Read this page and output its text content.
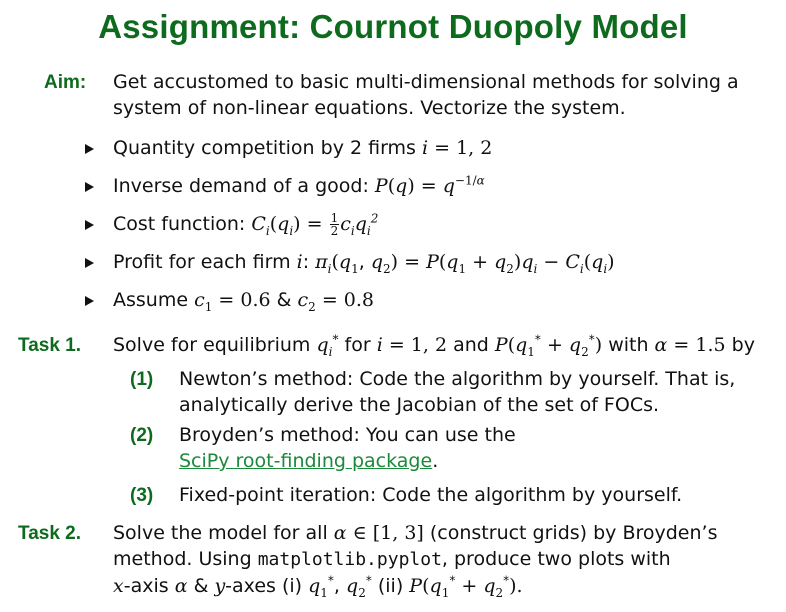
Assignment: Cournot Duopoly Model
Aim: Get accustomed to basic multi-dimensional methods for solving a
system of non-linear equations. Vectorize the system.
Quantity competition by 2 firms i = 1, 2
Inverse demand of a good: $P(q) = q^{-1/\alpha}$
Cost function: $C_i(q_i) = \frac{1}{2} c_iq_i^2$
Profit for each firm i: $\pi_i(q_1$, $q_2) = P(q_1 + q_2)q_i - C_i(q_i)$
Assume $c_1 = 0.6$ & $c_2 = 0.8$
Task 1. Solve for equilibrium $q_i^*$ for i = 1, 2 and $P(q_1^* + q_2^*)$ with α = 1.5 by
(1) Newton’s method: Code the algorithm by yourself. That is,
analytically derive the Jacobian of the set of FOCs.
(2) Broyden’s method: You can use the
SciPy root-finding package.
(3) Fixed-point iteration: Code the algorithm by yourself.
Task 2. Solve the model for all α ∈ [1, 3] (construct grids) by Broyden’s
method. Using matplotlib.pyplot, produce two plots with
x-axis α & y-axes (i) $q_1^*$, $q_2^*$ (ii) $P(q_1^* + q_2^*)$.
